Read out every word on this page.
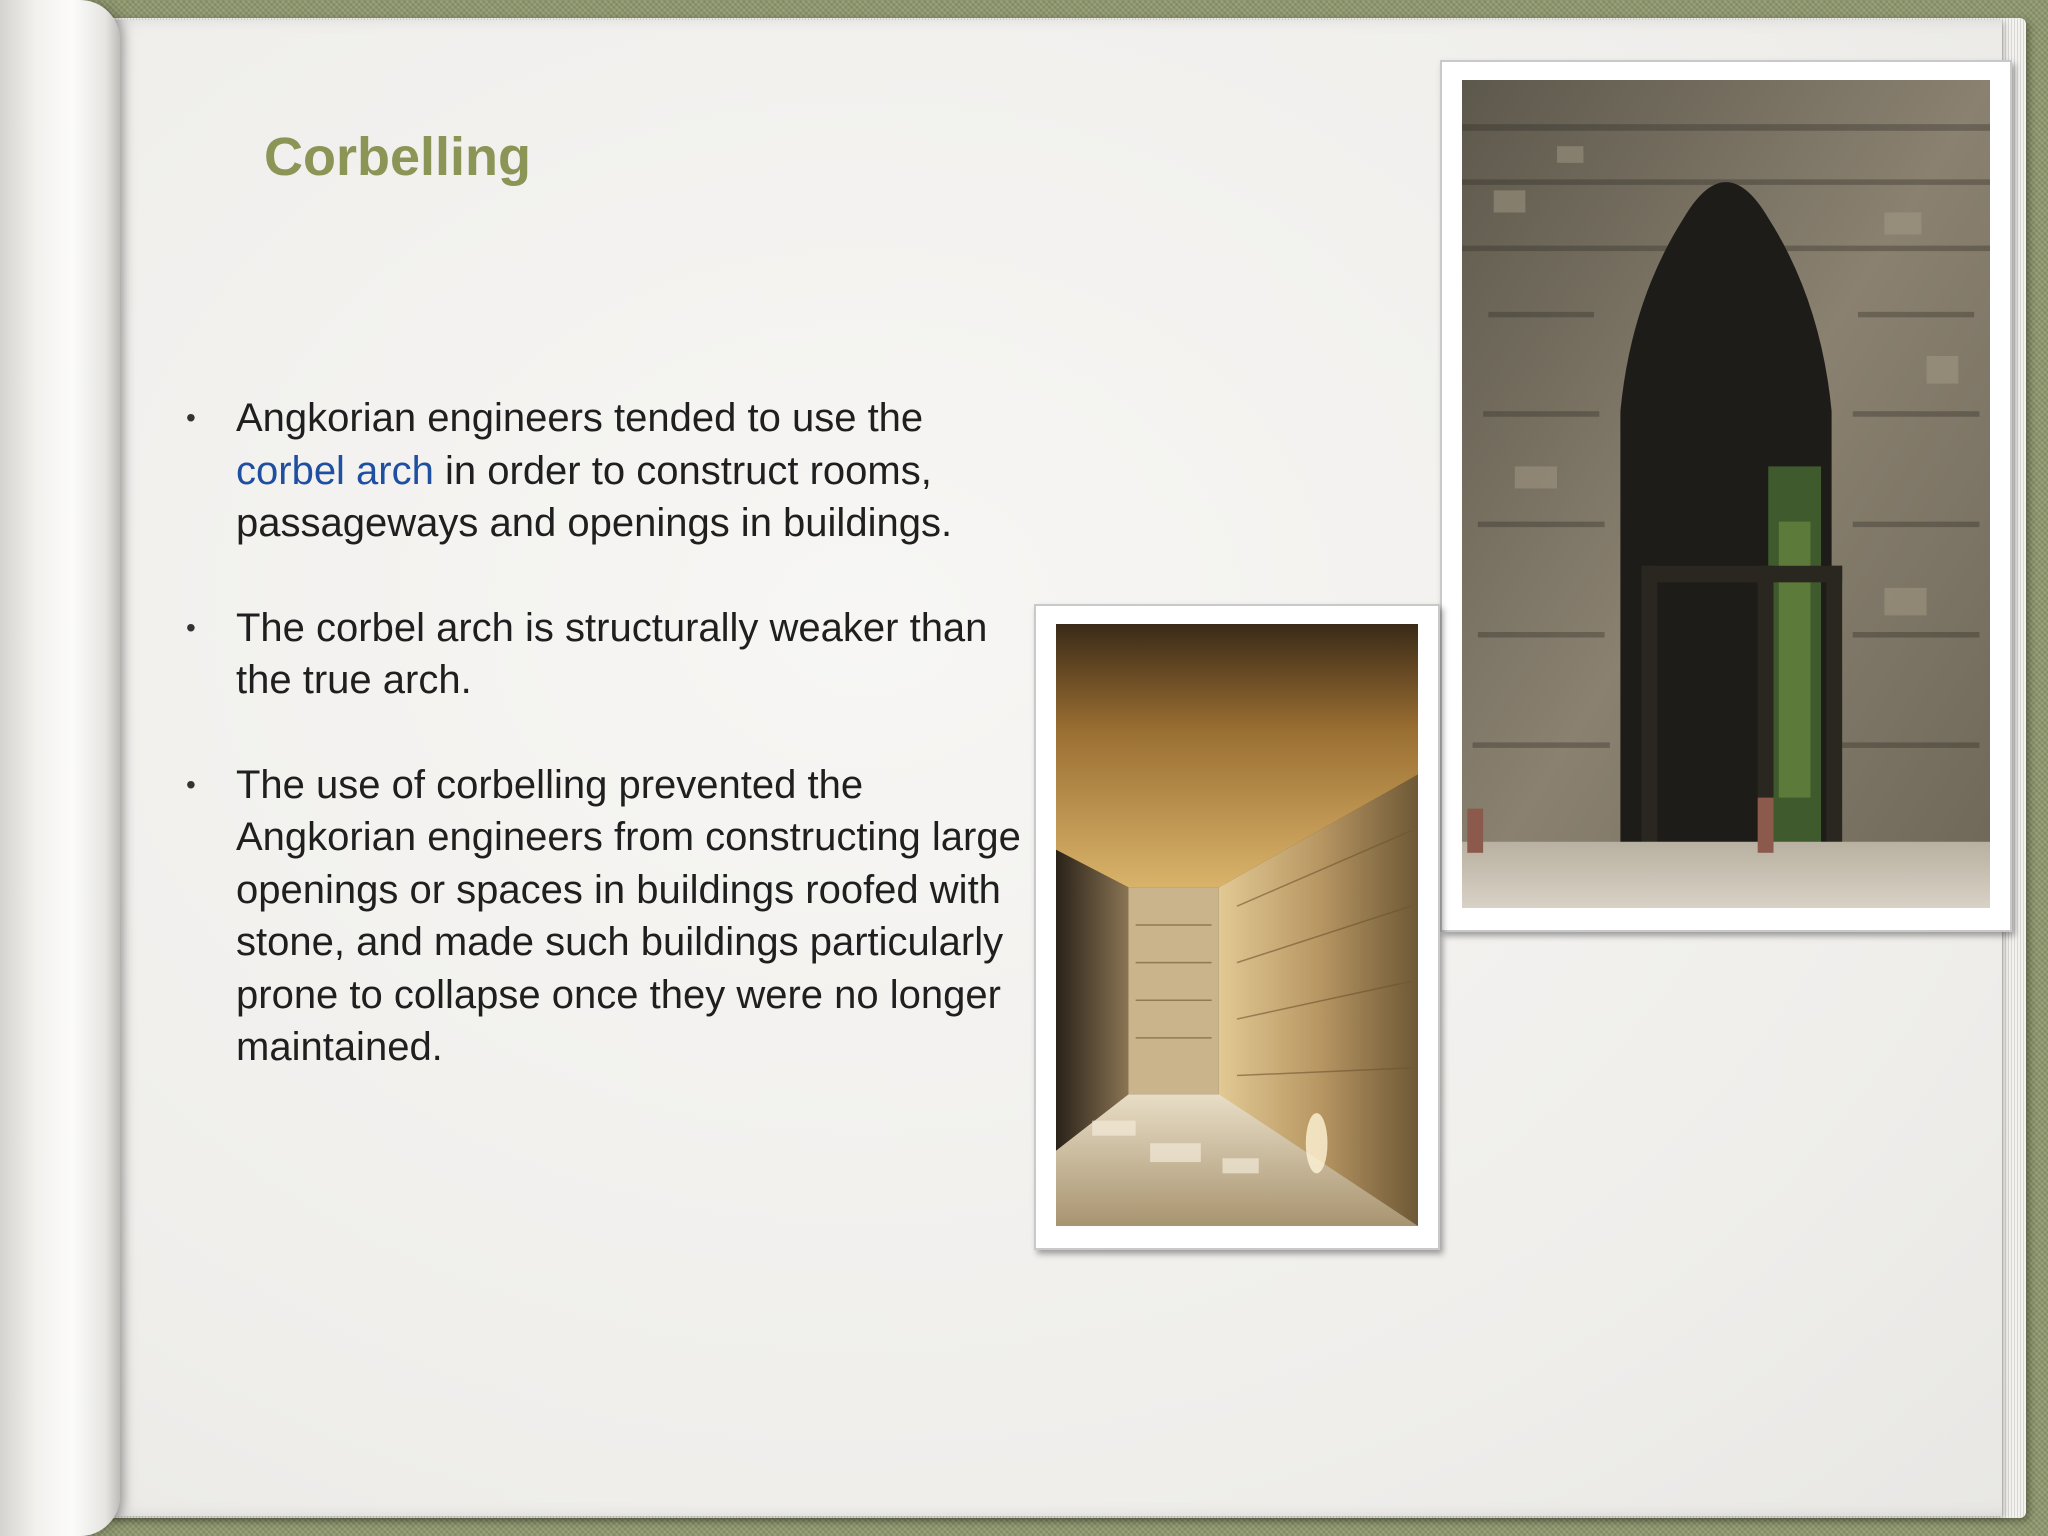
Corbelling
• Angkorian engineers tended to use the
corbel arch in order to construct rooms, passageways and openings in buildings.
• The corbel arch is structurally weaker than the true arch.
• The use of corbelling prevented the Angkorian engineers from constructing large openings or spaces in buildings roofed with stone, and made such buildings particularly prone to collapse once they were no longer maintained.
